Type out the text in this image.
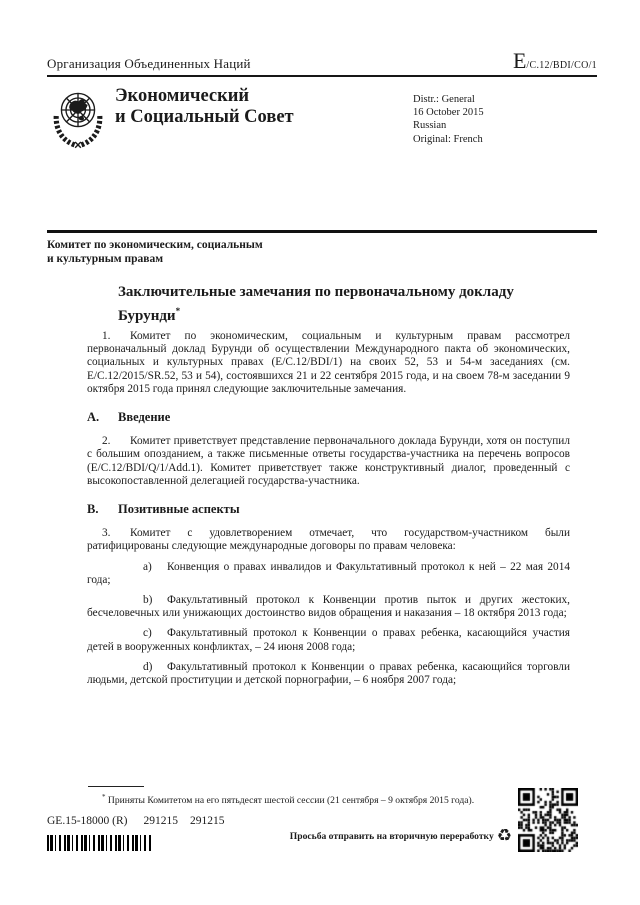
Организация Объединенных Наций	E/C.12/BDI/CO/1
Экономический
и Социальный Совет
Distr.: General
16 October 2015
Russian
Original: French
Комитет по экономическим, социальным
и культурным правам
Заключительные замечания по первоначальному докладу
Бурунди*
1. Комитет по экономическим, социальным и культурным правам рассмотрел первоначальный доклад Бурунди об осуществлении Международного пакта об экономических, социальных и культурных правах (E/C.12/BDI/1) на своих 52, 53 и 54-м заседаниях (см. E/C.12/2015/SR.52, 53 и 54), состоявшихся 21 и 22 сентября 2015 года, и на своем 78-м заседании 9 октября 2015 года принял следующие заключительные замечания.
A. Введение
2. Комитет приветствует представление первоначального доклада Бурунди, хотя он поступил с большим опозданием, а также письменные ответы государства-участника на перечень вопросов (E/C.12/BDI/Q/1/Add.1). Комитет приветствует также конструктивный диалог, проведенный с высокопоставленной делегацией государства-участника.
B. Позитивные аспекты
3. Комитет с удовлетворением отмечает, что государством-участником были ратифицированы следующие международные договоры по правам человека:
a) Конвенция о правах инвалидов и Факультативный протокол к ней – 22 мая 2014 года;
b) Факультативный протокол к Конвенции против пыток и других жестоких, бесчеловечных или унижающих достоинство видов обращения и наказания – 18 октября 2013 года;
c) Факультативный протокол к Конвенции о правах ребенка, касающийся участия детей в вооруженных конфликтах, – 24 июня 2008 года;
d) Факультативный протокол к Конвенции о правах ребенка, касающийся торговли людьми, детской проституции и детской порнографии, – 6 ноября 2007 года;
* Приняты Комитетом на его пятьдесят шестой сессии (21 сентября – 9 октября 2015 года).
GE.15-18000 (R) 291215 291215
Просьба отправить на вторичную переработку ♻
